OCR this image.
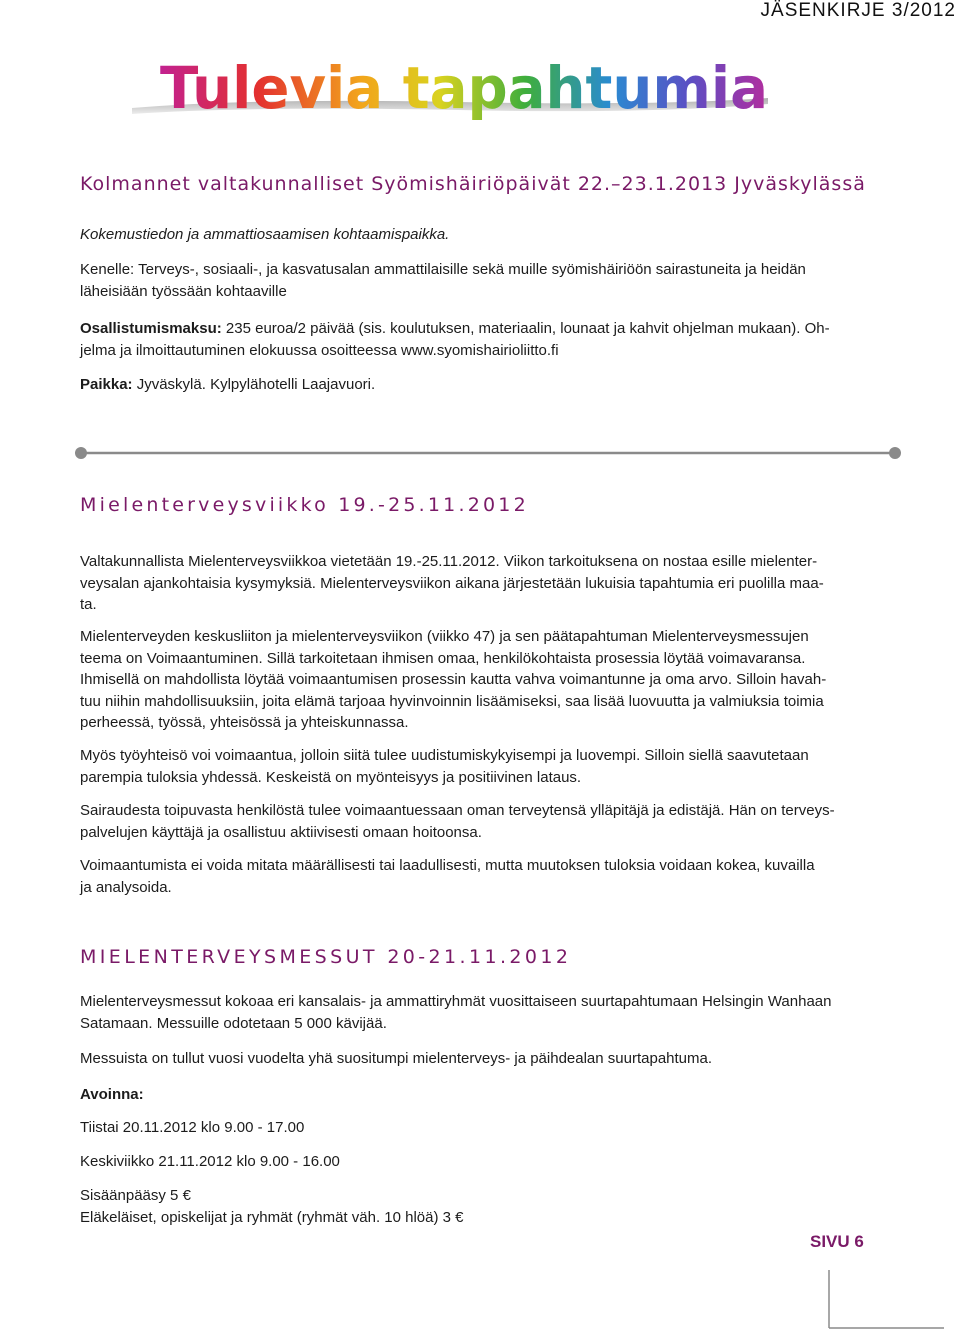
JÄSENKIRJE 3/2012
Tulevia tapahtumia
Kolmannet valtakunnalliset Syömishäiriöpäivät 22.–23.1.2013 Jyväskylässä

Kokemustiedon ja ammattiosaamisen kohtaamispaikka.

Kenelle: Terveys-, sosiaali-, ja kasvatusalan ammattilaisille sekä muille syömishäiriöön sairastuneita ja heidän
läheisiään työssään kohtaaville

Osallistumismaksu: 235 euroa/2 päivää (sis. koulutuksen, materiaalin, lounaat ja kahvit ohjelman mukaan). Oh-
jelma ja ilmoittautuminen elokuussa osoitteessa www.syomishairioliitto.fi

Paikka: Jyväskylä. Kylpylähotelli Laajavuori.

Mielenterveysviikko 19.-25.11.2012

Valtakunnallista Mielenterveysviikkoa vietetään 19.-25.11.2012. Viikon tarkoituksena on nostaa esille mielenter-
veysalan ajankohtaisia kysymyksiä. Mielenterveysviikon aikana järjestetään lukuisia tapahtumia eri puolilla maa-
ta.

Mielenterveyden keskusliiton ja mielenterveysviikon (viikko 47) ja sen päätapahtuman Mielenterveysmessujen
teema on Voimaantuminen. Sillä tarkoitetaan ihmisen omaa, henkilökohtaista prosessia löytää voimavaransa.
Ihmisellä on mahdollista löytää voimaantumisen prosessin kautta vahva voimantunne ja oma arvo. Silloin havah-
tuu niihin mahdollisuuksiin, joita elämä tarjoaa hyvinvoinnin lisäämiseksi, saa lisää luovuutta ja valmiuksia toimia
perheessä, työssä, yhteisössä ja yhteiskunnassa.

Myös työyhteisö voi voimaantua, jolloin siitä tulee uudistumiskykyisempi ja luovempi. Silloin siellä saavutetaan
parempia tuloksia yhdessä. Keskeistä on myönteisyys ja positiivinen lataus.

Sairaudesta toipuvasta henkilöstä tulee voimaantuessaan oman terveytensä ylläpitäjä ja edistäjä. Hän on terveys-
palvelujen käyttäjä ja osallistuu aktiivisesti omaan hoitoonsa.

Voimaantumista ei voida mitata määrällisesti tai laadullisesti, mutta muutoksen tuloksia voidaan kokea, kuvailla
ja analysoida.

MIELENTERVEYSMESSUT 20-21.11.2012

Mielenterveysmessut kokoaa eri kansalais- ja ammattiryhmät vuosittaiseen suurtapahtumaan Helsingin Wanhaan
Satamaan. Messuille odotetaan 5 000 kävijää.

Messuista on tullut vuosi vuodelta yhä suositumpi mielenterveys- ja päihdealan suurtapahtuma.

Avoinna:

Tiistai 20.11.2012 klo 9.00 - 17.00

Keskiviikko 21.11.2012 klo 9.00 - 16.00

Sisäänpääsy 5 €
Eläkeläiset, opiskelijat ja ryhmät (ryhmät väh. 10 hlöä) 3 €

SIVU 6
